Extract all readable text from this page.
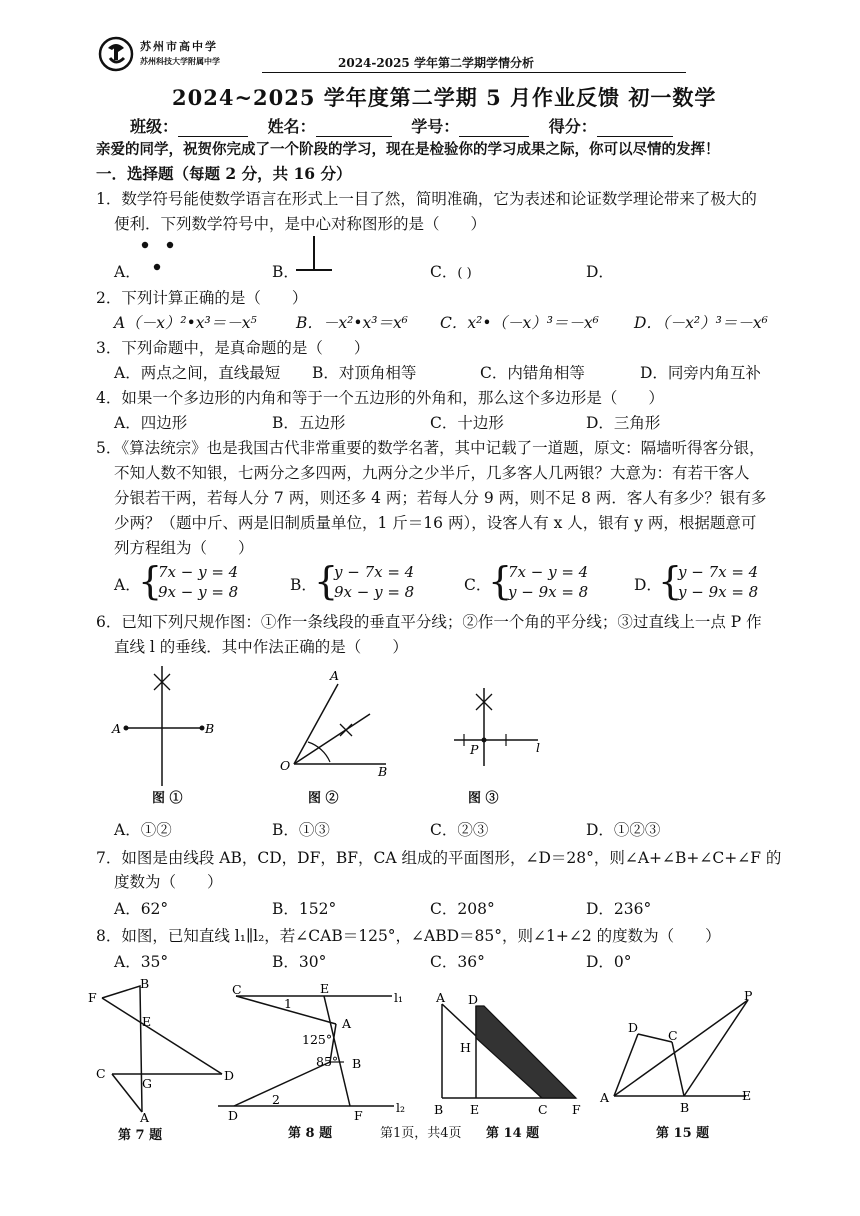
苏州市高中学
苏州科技大学附属中学	2024-2025 学年第二学期学情分析
2024~2025 学年度第二学期 5 月作业反馈 初一数学
班级：	姓名：	学号：	得分：
亲爱的同学，祝贺你完成了一个阶段的学习，现在是检验你的学习成果之际，你可以尽情的发挥！
一．选择题（每题 2 分，共 16 分）
1．数学符号能使数学语言在形式上一目了然，简明准确，它为表述和论证数学理论带来了极大的
便利．下列数学符号中，是中心对称图形的是（　　）
A．	B．	C．( )	D．
2．下列计算正确的是（　　）
A（－x）²•x³＝－x⁵	B．－x²•x³＝x⁶ C．x²•（－x）³＝－x⁶ D．（－x²）³＝－x⁶
3．下列命题中，是真命题的是（　　）
A．两点之间，直线最短 B．对顶角相等	C．内错角相等	D．同旁内角互补
4．如果一个多边形的内角和等于一个五边形的外角和，那么这个多边形是（　　）
A．四边形	B．五边形	C．十边形	D．三角形
5．《算法统宗》也是我国古代非常重要的数学名著，其中记载了一道题，原文：隔墙听得客分银，
不知人数不知银，七两分之多四两，九两分之少半斤，几多客人几两银？大意为：有若干客人
分银若干两，若每人分 7 两，则还多 4 两；若每人分 9 两，则不足 8 两．客人有多少？银有多
少两？（题中斤、两是旧制质量单位，1 斤＝16 两），设客人有 x 人，银有 y 两，根据题意可
列方程组为（　　）
A．
{
7x − y = 4
9x − y = 8	B．
{
y − 7x = 4
9x − y = 8	C．
{
7x − y = 4
y − 9x = 8	D．
{
y − 7x = 4
y − 9x = 8
6．已知下列尺规作图：①作一条线段的垂直平分线；②作一个角的平分线；③过直线上一点 P 作
直线 l 的垂线．其中作法正确的是（　　）
A	B
图 ①
A
O	B
图 ②
P	l
图 ③
A．①②	B．①③	C．②③	D．①②③
7．如图是由线段 AB，CD，DF，BF，CA 组成的平面图形，∠D＝28°，则∠A+∠B+∠C+∠F 的
度数为（　　）
A．62°	B．152°	C．208°	D．236°
8．如图，已知直线 l₁∥l₂，若∠CAB＝125°，∠ABD＝85°，则∠1+∠2 的度数为（　　）
A．35°	B．30°	C．36°	D．0°
F
B
E
C
G
D
A
第 7 题
C	E
l₁
A
125°
85° B
D	F
l₂
1
2
第 8 题	第1页，共4页
A D
H
B E	C F
第 14 题
P
D
C
A
B
E
第 15 题
